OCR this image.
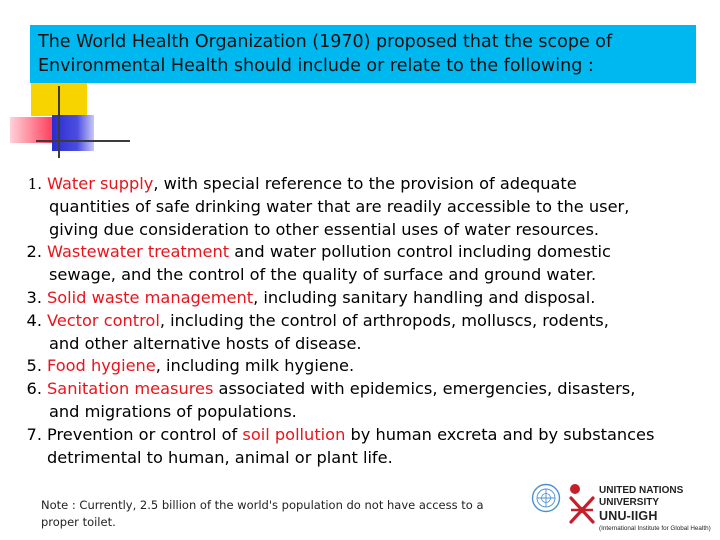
The World Health Organization (1970) proposed that the scope of
Environmental Health should include or relate to the following :
1. Water supply, with special reference to the provision of adequate
quantities of safe drinking water that are readily accessible to the user,
giving due consideration to other essential uses of water resources.
2. Wastewater treatment and water pollution control including domestic
sewage, and the control of the quality of surface and ground water.
3. Solid waste management, including sanitary handling and disposal.
4. Vector control, including the control of arthropods, molluscs, rodents,
and other alternative hosts of disease.
5. Food hygiene, including milk hygiene.
6. Sanitation measures associated with epidemics, emergencies, disasters,
and migrations of populations.
7. Prevention or control of soil pollution by human excreta and by substances
detrimental to human, animal or plant life.
Note : Currently, 2.5 billion of the world's population do not have access to a
proper toilet.
UNITED NATIONS
UNIVERSITY
UNU-IIGH
(International Institute for Global Health)
